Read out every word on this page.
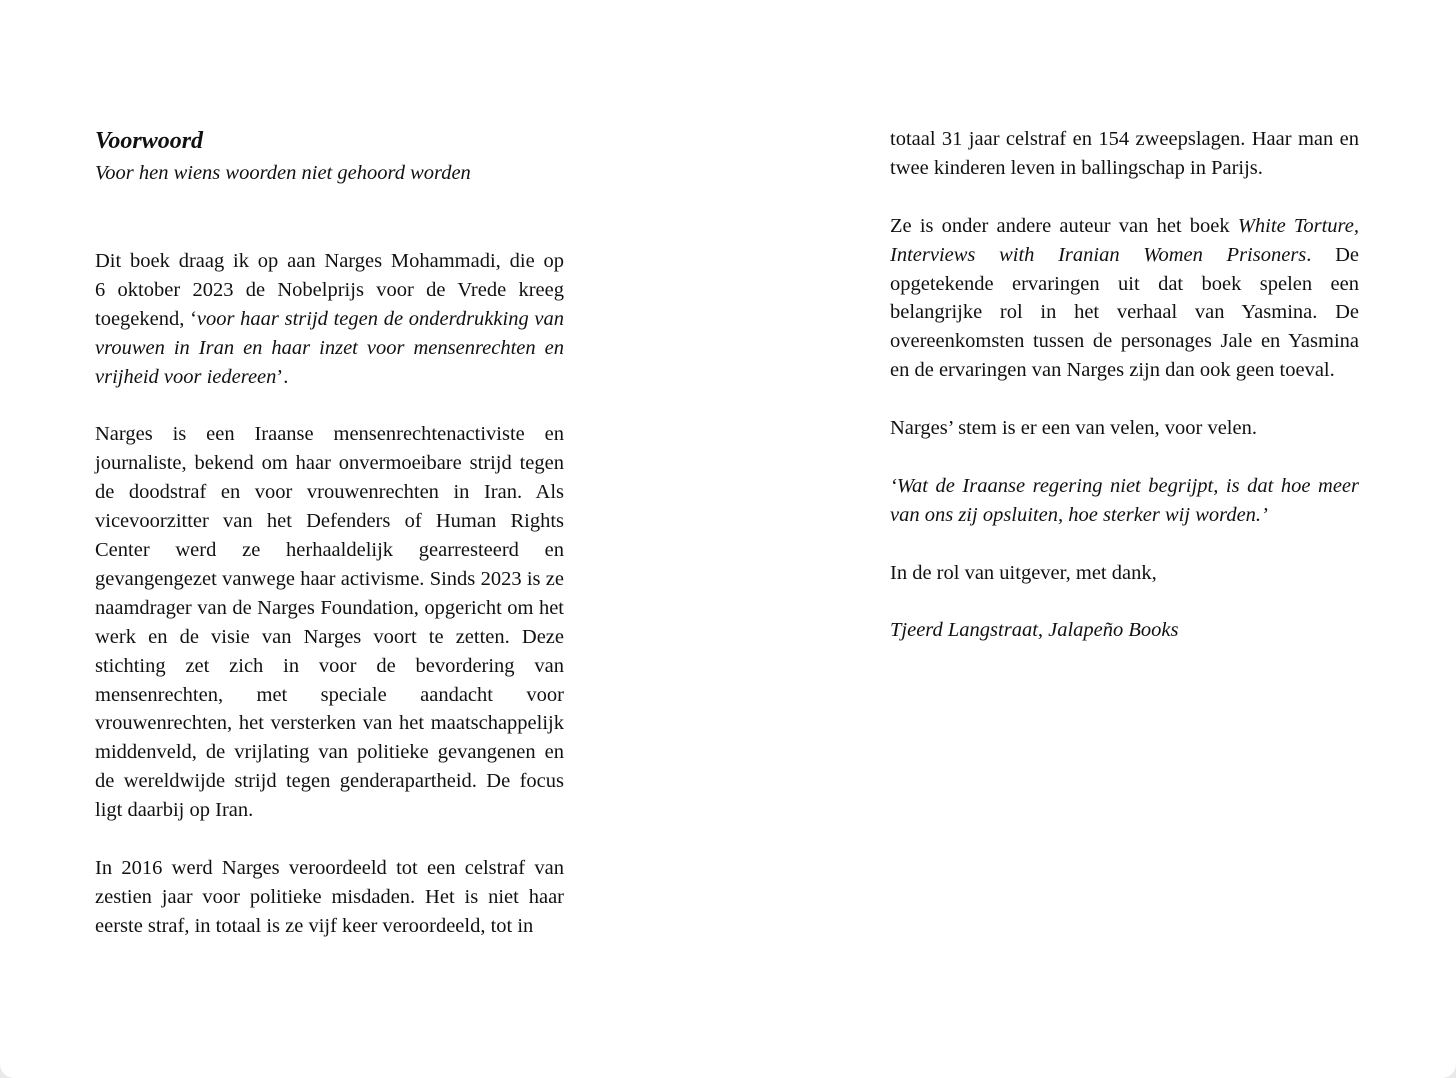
Voorwoord

Voor hen wiens woorden niet gehoord worden

Dit boek draag ik op aan Narges Mohammadi, die op 6 oktober 2023 de Nobelprijs voor de Vrede kreeg toegekend, ‘voor haar strijd tegen de onderdrukking van vrouwen in Iran en haar inzet voor mensenrechten en vrijheid voor iedereen’.

Narges is een Iraanse mensenrechtenactiviste en journaliste, bekend om haar onvermoeibare strijd tegen de doodstraf en voor vrouwenrechten in Iran. Als vicevoorzitter van het Defenders of Human Rights Center werd ze herhaaldelijk gearresteerd en gevangengezet vanwege haar activisme. Sinds 2023 is ze naamdrager van de Narges Foundation, opgericht om het werk en de visie van Narges voort te zetten. Deze stichting zet zich in voor de bevordering van mensenrechten, met speciale aandacht voor vrouwenrechten, het versterken van het maatschappelijk middenveld, de vrijlating van politieke gevangenen en de wereldwijde strijd tegen genderapartheid. De focus ligt daarbij op Iran.

In 2016 werd Narges veroordeeld tot een celstraf van zestien jaar voor politieke misdaden. Het is niet haar eerste straf, in totaal is ze vijf keer veroordeeld, tot in

totaal 31 jaar celstraf en 154 zweepslagen. Haar man en twee kinderen leven in ballingschap in Parijs.

Ze is onder andere auteur van het boek White Torture, Interviews with Iranian Women Prisoners. De opgetekende ervaringen uit dat boek spelen een belangrijke rol in het verhaal van Yasmina. De overeenkomsten tussen de personages Jale en Yasmina en de ervaringen van Narges zijn dan ook geen toeval.

Narges’ stem is er een van velen, voor velen.

‘Wat de Iraanse regering niet begrijpt, is dat hoe meer van ons zij opsluiten, hoe sterker wij worden.’

In de rol van uitgever, met dank,

Tjeerd Langstraat, Jalapeño Books
